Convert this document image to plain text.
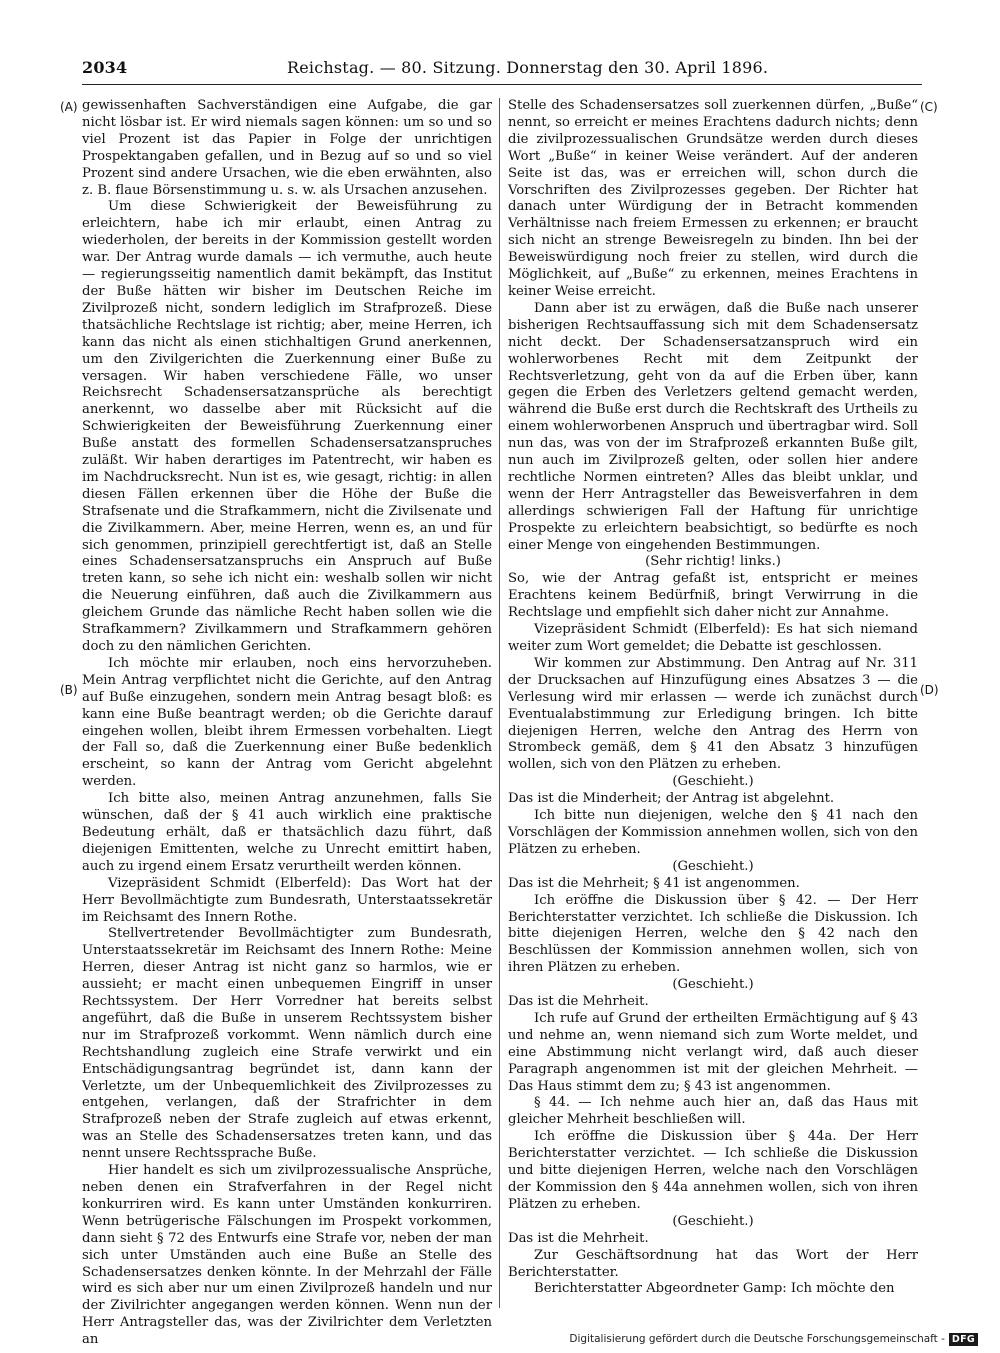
2034	Reichstag. — 80. Sitzung. Donnerstag den 30. April 1896.
(A)
(B)
(C)
(D)

gewissenhaften Sachverständigen eine Aufgabe, die gar nicht lösbar ist. Er wird niemals sagen können: um so und so viel Prozent ist das Papier in Folge der unrichtigen Prospektangaben gefallen, und in Bezug auf so und so viel Prozent sind andere Ursachen, wie die eben erwähnten, also z. B. flaue Börsenstimmung u. s. w. als Ursachen anzusehen.

Um diese Schwierigkeit der Beweisführung zu erleichtern, habe ich mir erlaubt, einen Antrag zu wiederholen, der bereits in der Kommission gestellt worden war. Der Antrag wurde damals — ich vermuthe, auch heute — regierungsseitig namentlich damit bekämpft, das Institut der Buße hätten wir bisher im Deutschen Reiche im Zivilprozeß nicht, sondern lediglich im Strafprozeß. Diese thatsächliche Rechtslage ist richtig; aber, meine Herren, ich kann das nicht als einen stichhaltigen Grund anerkennen, um den Zivilgerichten die Zuerkennung einer Buße zu versagen. Wir haben verschiedene Fälle, wo unser Reichsrecht Schadensersatzansprüche als berechtigt anerkennt, wo dasselbe aber mit Rücksicht auf die Schwierigkeiten der Beweisführung Zuerkennung einer Buße anstatt des formellen Schadensersatzanspruches zuläßt. Wir haben derartiges im Patentrecht, wir haben es im Nachdrucksrecht. Nun ist es, wie gesagt, richtig: in allen diesen Fällen erkennen über die Höhe der Buße die Strafsenate und die Strafkammern, nicht die Zivilsenate und die Zivilkammern. Aber, meine Herren, wenn es, an und für sich genommen, prinzipiell gerechtfertigt ist, daß an Stelle eines Schadensersatzanspruchs ein Anspruch auf Buße treten kann, so sehe ich nicht ein: weshalb sollen wir nicht die Neuerung einführen, daß auch die Zivilkammern aus gleichem Grunde das nämliche Recht haben sollen wie die Strafkammern? Zivilkammern und Strafkammern gehören doch zu den nämlichen Gerichten.

Ich möchte mir erlauben, noch eins hervorzuheben. Mein Antrag verpflichtet nicht die Gerichte, auf den Antrag auf Buße einzugehen, sondern mein Antrag besagt bloß: es kann eine Buße beantragt werden; ob die Gerichte darauf eingehen wollen, bleibt ihrem Ermessen vorbehalten. Liegt der Fall so, daß die Zuerkennung einer Buße bedenklich erscheint, so kann der Antrag vom Gericht abgelehnt werden.

Ich bitte also, meinen Antrag anzunehmen, falls Sie wünschen, daß der § 41 auch wirklich eine praktische Bedeutung erhält, daß er thatsächlich dazu führt, daß diejenigen Emittenten, welche zu Unrecht emittirt haben, auch zu irgend einem Ersatz verurtheilt werden können.

Vizepräsident Schmidt (Elberfeld): Das Wort hat der Herr Bevollmächtigte zum Bundesrath, Unterstaatssekretär im Reichsamt des Innern Rothe.

Stellvertretender Bevollmächtigter zum Bundesrath, Unterstaatssekretär im Reichsamt des Innern Rothe: Meine Herren, dieser Antrag ist nicht ganz so harmlos, wie er aussieht; er macht einen unbequemen Eingriff in unser Rechtssystem. Der Herr Vorredner hat bereits selbst angeführt, daß die Buße in unserem Rechtssystem bisher nur im Strafprozeß vorkommt. Wenn nämlich durch eine Rechtshandlung zugleich eine Strafe verwirkt und ein Entschädigungsantrag begründet ist, dann kann der Verletzte, um der Unbequemlichkeit des Zivilprozesses zu entgehen, verlangen, daß der Strafrichter in dem Strafprozeß neben der Strafe zugleich auf etwas erkennt, was an Stelle des Schadensersatzes treten kann, und das nennt unsere Rechtssprache Buße.

Hier handelt es sich um zivilprozessualische Ansprüche, neben denen ein Strafverfahren in der Regel nicht konkurriren wird. Es kann unter Umständen konkurriren. Wenn betrügerische Fälschungen im Prospekt vorkommen, dann sieht § 72 des Entwurfs eine Strafe vor, neben der man sich unter Umständen auch eine Buße an Stelle des Schadensersatzes denken könnte. In der Mehrzahl der Fälle wird es sich aber nur um einen Zivilprozeß handeln und nur der Zivilrichter angegangen werden können. Wenn nun der Herr Antragsteller das, was der Zivilrichter dem Verletzten an

Stelle des Schadensersatzes soll zuerkennen dürfen, „Buße“ nennt, so erreicht er meines Erachtens dadurch nichts; denn die zivilprozessualischen Grundsätze werden durch dieses Wort „Buße“ in keiner Weise verändert. Auf der anderen Seite ist das, was er erreichen will, schon durch die Vorschriften des Zivilprozesses gegeben. Der Richter hat danach unter Würdigung der in Betracht kommenden Verhältnisse nach freiem Ermessen zu erkennen; er braucht sich nicht an strenge Beweisregeln zu binden. Ihn bei der Beweiswürdigung noch freier zu stellen, wird durch die Möglichkeit, auf „Buße“ zu erkennen, meines Erachtens in keiner Weise erreicht.

Dann aber ist zu erwägen, daß die Buße nach unserer bisherigen Rechtsauffassung sich mit dem Schadensersatz nicht deckt. Der Schadensersatzanspruch wird ein wohlerworbenes Recht mit dem Zeitpunkt der Rechtsverletzung, geht von da auf die Erben über, kann gegen die Erben des Verletzers geltend gemacht werden, während die Buße erst durch die Rechtskraft des Urtheils zu einem wohlerworbenen Anspruch und übertragbar wird. Soll nun das, was von der im Strafprozeß erkannten Buße gilt, nun auch im Zivilprozeß gelten, oder sollen hier andere rechtliche Normen eintreten? Alles das bleibt unklar, und wenn der Herr Antragsteller das Beweisverfahren in dem allerdings schwierigen Fall der Haftung für unrichtige Prospekte zu erleichtern beabsichtigt, so bedürfte es noch einer Menge von eingehenden Bestimmungen.

(Sehr richtig! links.)

So, wie der Antrag gefaßt ist, entspricht er meines Erachtens keinem Bedürfniß, bringt Verwirrung in die Rechtslage und empfiehlt sich daher nicht zur Annahme.

Vizepräsident Schmidt (Elberfeld): Es hat sich niemand weiter zum Wort gemeldet; die Debatte ist geschlossen.

Wir kommen zur Abstimmung. Den Antrag auf Nr. 311 der Drucksachen auf Hinzufügung eines Absatzes 3 — die Verlesung wird mir erlassen — werde ich zunächst durch Eventualabstimmung zur Erledigung bringen. Ich bitte diejenigen Herren, welche den Antrag des Herrn von Strombeck gemäß, dem § 41 den Absatz 3 hinzufügen wollen, sich von den Plätzen zu erheben.

(Geschieht.)

Das ist die Minderheit; der Antrag ist abgelehnt.

Ich bitte nun diejenigen, welche den § 41 nach den Vorschlägen der Kommission annehmen wollen, sich von den Plätzen zu erheben.

(Geschieht.)

Das ist die Mehrheit; § 41 ist angenommen.

Ich eröffne die Diskussion über § 42. — Der Herr Berichterstatter verzichtet. Ich schließe die Diskussion. Ich bitte diejenigen Herren, welche den § 42 nach den Beschlüssen der Kommission annehmen wollen, sich von ihren Plätzen zu erheben.

(Geschieht.)

Das ist die Mehrheit.

Ich rufe auf Grund der ertheilten Ermächtigung auf § 43 und nehme an, wenn niemand sich zum Worte meldet, und eine Abstimmung nicht verlangt wird, daß auch dieser Paragraph angenommen ist mit der gleichen Mehrheit. — Das Haus stimmt dem zu; § 43 ist angenommen.

§ 44. — Ich nehme auch hier an, daß das Haus mit gleicher Mehrheit beschließen will.

Ich eröffne die Diskussion über § 44a. Der Herr Berichterstatter verzichtet. — Ich schließe die Diskussion und bitte diejenigen Herren, welche nach den Vorschlägen der Kommission den § 44a annehmen wollen, sich von ihren Plätzen zu erheben.

(Geschieht.)

Das ist die Mehrheit.

Zur Geschäftsordnung hat das Wort der Herr Berichterstatter.

Berichterstatter Abgeordneter Gamp: Ich möchte den

Digitalisierung gefördert durch die Deutsche Forschungsgemeinschaft - DFG
